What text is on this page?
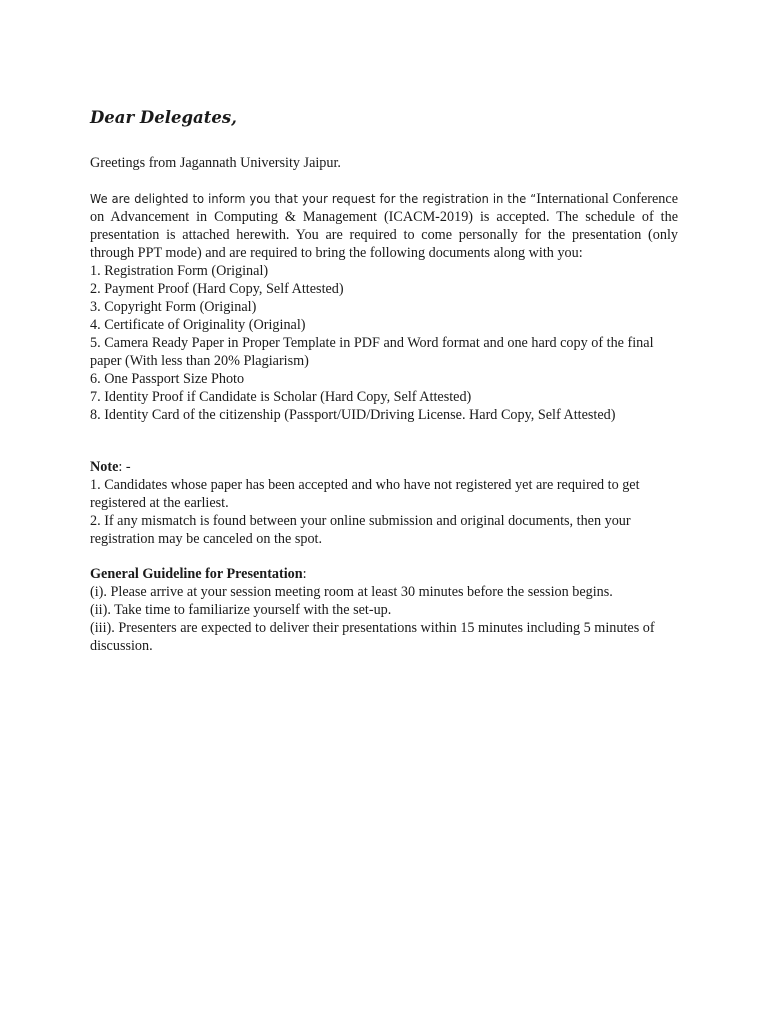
Dear Delegates,

Greetings from Jagannath University Jaipur.

We are delighted to inform you that your request for the registration in the “International Conference on Advancement in Computing & Management (ICACM-2019) is accepted. The schedule of the presentation is attached herewith. You are required to come personally for the presentation (only through PPT mode) and are required to bring the following documents along with you:

1. Registration Form (Original)
2. Payment Proof (Hard Copy, Self Attested)
3. Copyright Form (Original)
4. Certificate of Originality (Original)
5. Camera Ready Paper in Proper Template in PDF and Word format and one hard copy of the final paper (With less than 20% Plagiarism)
6. One Passport Size Photo
7. Identity Proof if Candidate is Scholar (Hard Copy, Self Attested)
8. Identity Card of the citizenship (Passport/UID/Driving License. Hard Copy, Self Attested)

Note: -

1. Candidates whose paper has been accepted and who have not registered yet are required to get registered at the earliest.
2. If any mismatch is found between your online submission and original documents, then your registration may be canceled on the spot.

General Guideline for Presentation:

(i). Please arrive at your session meeting room at least 30 minutes before the session begins.
(ii). Take time to familiarize yourself with the set-up.
(iii). Presenters are expected to deliver their presentations within 15 minutes including 5 minutes of discussion.
